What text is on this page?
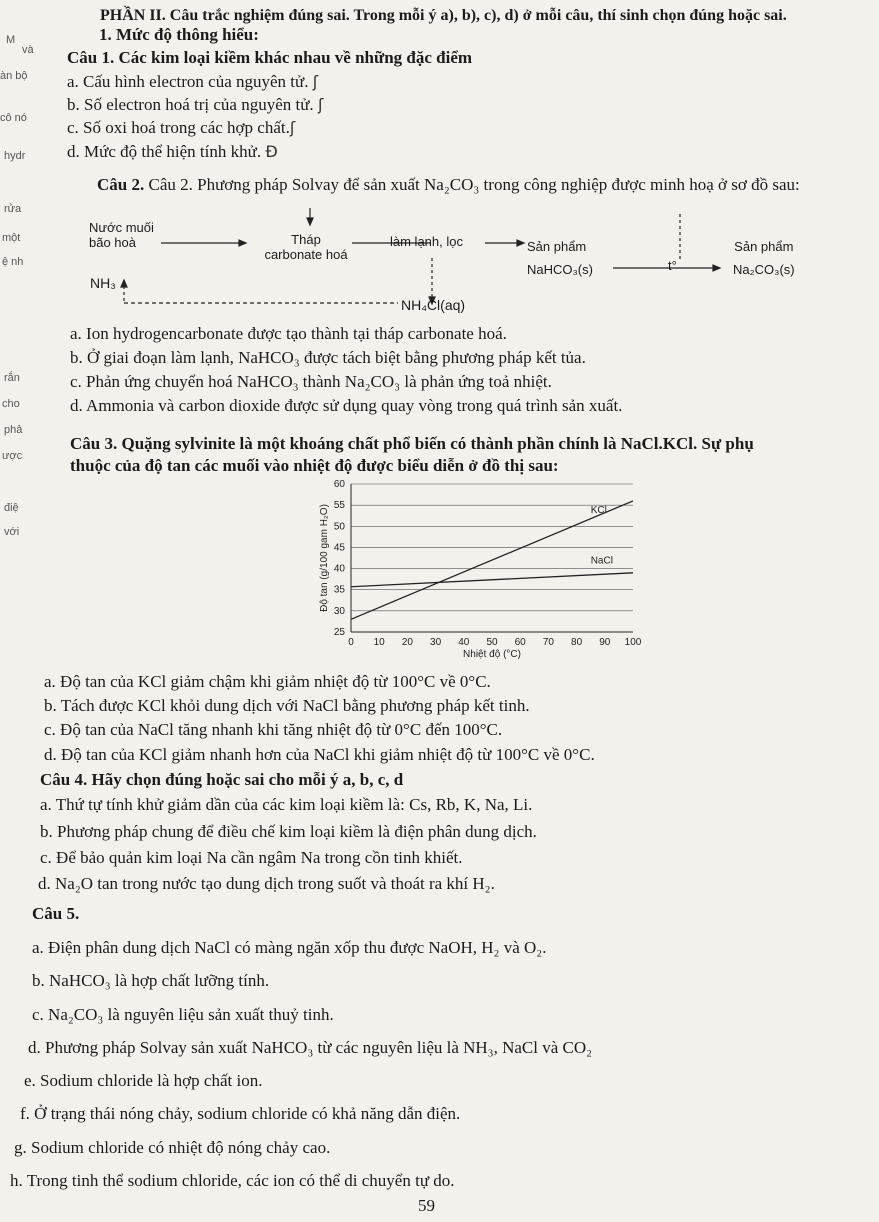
M
và
àn bộ
cô nó
hydr
rửa
một
ệ nh
rắn
cho
phả
ược
điệ
với
PHẦN II. Câu trắc nghiệm đúng sai. Trong mỗi ý a), b), c), d) ở mỗi câu, thí sinh chọn đúng hoặc sai.
1. Mức độ thông hiểu:
Câu 1. Các kim loại kiềm khác nhau về những đặc điểm
a. Cấu hình electron của nguyên tử. ʃ
b. Số electron hoá trị của nguyên tử. ʃ
c. Số oxi hoá trong các hợp chất.ʃ
d. Mức độ thể hiện tính khử. Ð
Câu 2. Câu 2. Phương pháp Solvay để sản xuất Na₂CO₃ trong công nghiệp được minh hoạ ở sơ đồ sau:
Nước muối
bão hoà
NH₃
Tháp
carbonate hoá
làm lạnh, lọc	Sản phẩm
NaHCO₃(s)	t°
Sản phẩm
Na₂CO₃(s)
NH₄Cl(aq)
a. Ion hydrogencarbonate được tạo thành tại tháp carbonate hoá.
b. Ở giai đoạn làm lạnh, NaHCO₃ được tách biệt bằng phương pháp kết tủa.
c. Phản ứng chuyển hoá NaHCO₃ thành Na₂CO₃ là phản ứng toả nhiệt.
d. Ammonia và carbon dioxide được sử dụng quay vòng trong quá trình sản xuất.
Câu 3. Quặng sylvinite là một khoáng chất phổ biến có thành phần chính là NaCl.KCl. Sự phụ
thuộc của độ tan các muối vào nhiệt độ được biểu diễn ở đồ thị sau:
25
30
35
40
45
50
55
60
0 10 20 30 40 50 60 70 80 90 100
Nhiệt độ (°C)
Độ tan (g/100 gam H₂O)	KCl
NaCl
a. Độ tan của KCl giảm chậm khi giảm nhiệt độ từ 100°C về 0°C.
b. Tách được KCl khỏi dung dịch với NaCl bằng phương pháp kết tinh.
c. Độ tan của NaCl tăng nhanh khi tăng nhiệt độ từ 0°C đến 100°C.
d. Độ tan của KCl giảm nhanh hơn của NaCl khi giảm nhiệt độ từ 100°C về 0°C.
Câu 4. Hãy chọn đúng hoặc sai cho mỗi ý a, b, c, d
a. Thứ tự tính khử giảm dần của các kim loại kiềm là: Cs, Rb, K, Na, Li.
b. Phương pháp chung để điều chế kim loại kiềm là điện phân dung dịch.
c. Để bảo quản kim loại Na cần ngâm Na trong cồn tinh khiết.
d. Na₂O tan trong nước tạo dung dịch trong suốt và thoát ra khí H₂.
Câu 5.
a. Điện phân dung dịch NaCl có màng ngăn xốp thu được NaOH, H₂ và O₂.
b. NaHCO₃ là hợp chất lưỡng tính.
c. Na₂CO₃ là nguyên liệu sản xuất thuỷ tinh.
d. Phương pháp Solvay sản xuất NaHCO₃ từ các nguyên liệu là NH₃, NaCl và CO₂
e. Sodium chloride là hợp chất ion.
f. Ở trạng thái nóng chảy, sodium chloride có khả năng dẫn điện.
g. Sodium chloride có nhiệt độ nóng chảy cao.
h. Trong tinh thể sodium chloride, các ion có thể di chuyển tự do.
59
